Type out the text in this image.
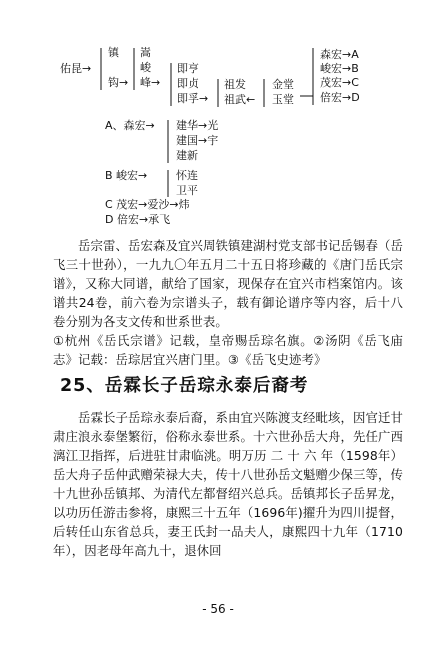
佑昆→
镇
钩→
嵩
峻
峰→
即亨
即贞
即孚→
祖发
祖武←
金堂
玉堂
森宏→A
峻宏→B
茂宏→C
倍宏→D
A、森宏→ 建华→光
建国→宇
建新
B 峻宏→	怀连
卫平
C 茂宏→爱沙→炜
D 倍宏→承飞

岳宗雷、岳宏森及宜兴周铁镇建湖村党支部书记岳锡春（岳飞三十世孙），一九九〇年五月二十五日将珍藏的《唐门岳氏宗谱》，又称大同谱，献给了国家，现保存在宜兴市档案馆内。该谱共24卷，前六卷为宗谱头子，载有御论谱序等内容，后十八卷分别为各支文传和世系世表。

①杭州《岳氏宗谱》记载，皇帝赐岳琮名旗。②汤阴《岳飞庙志》记载：岳琮居宜兴唐门里。③《岳飞史迹考》

25、岳霖长子岳琮永泰后裔考

岳霖长子岳琮永泰后裔，系由宜兴陈渡支经毗垓，因官迁甘肃庄浪永泰堡繁衍，俗称永泰世系。十六世孙岳大舟，先任广西漓江卫指挥，后进驻甘肃临洮。明万历 二 十 六 年（1598年）岳大舟子岳仲武赠荣禄大夫，传十八世孙岳文魁赠少保三等，传十九世孙岳镇邦、为清代左都督绍兴总兵。岳镇邦长子岳昇龙，以功历任游击参将，康熙三十五年（1696年)擢升为四川提督，后转任山东省总兵，妻王氏封一品夫人，康熙四十九年（1710年），因老母年高九十，退休回

- 56 -
